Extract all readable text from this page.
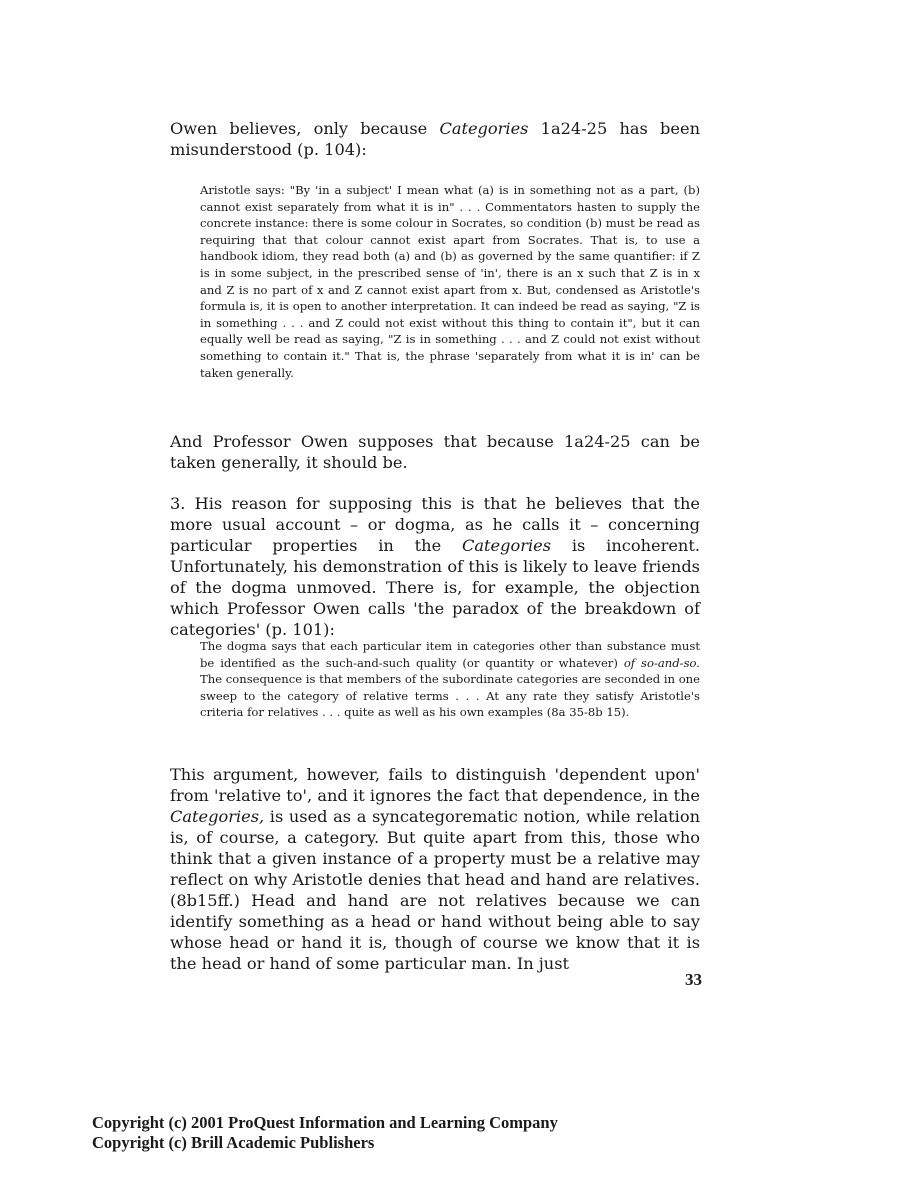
Owen believes, only because Categories 1a24-25 has been misunderstood (p. 104):

Aristotle says: "By 'in a subject' I mean what (a) is in something not as a part, (b) cannot exist separately from what it is in" . . . Commentators hasten to supply the concrete instance: there is some colour in Socrates, so condition (b) must be read as requiring that that colour cannot exist apart from Socrates. That is, to use a handbook idiom, they read both (a) and (b) as governed by the same quantifier: if Z is in some subject, in the prescribed sense of 'in', there is an x such that Z is in x and Z is no part of x and Z cannot exist apart from x. But, condensed as Aristotle's formula is, it is open to another interpretation. It can indeed be read as saying, "Z is in something . . . and Z could not exist without this thing to contain it", but it can equally well be read as saying, "Z is in something . . . and Z could not exist without something to contain it." That is, the phrase 'separately from what it is in' can be taken generally.

And Professor Owen supposes that because 1a24-25 can be taken generally, it should be.

3. His reason for supposing this is that he believes that the more usual account – or dogma, as he calls it – concerning particular properties in the Categories is incoherent. Unfortunately, his demonstration of this is likely to leave friends of the dogma unmoved. There is, for example, the objection which Professor Owen calls 'the paradox of the breakdown of categories' (p. 101):

The dogma says that each particular item in categories other than substance must be identified as the such-and-such quality (or quantity or whatever) of so-and-so. The consequence is that members of the subordinate categories are seconded in one sweep to the category of relative terms . . . At any rate they satisfy Aristotle's criteria for relatives . . . quite as well as his own examples (8a 35-8b 15).

This argument, however, fails to distinguish 'dependent upon' from 'relative to', and it ignores the fact that dependence, in the Categories, is used as a syncategorematic notion, while relation is, of course, a category. But quite apart from this, those who think that a given instance of a property must be a relative may reflect on why Aristotle denies that head and hand are relatives. (8b15ff.) Head and hand are not relatives because we can identify something as a head or hand without being able to say whose head or hand it is, though of course we know that it is the head or hand of some particular man. In just

33
Copyright (c) 2001 ProQuest Information and Learning Company
Copyright (c) Brill Academic Publishers
